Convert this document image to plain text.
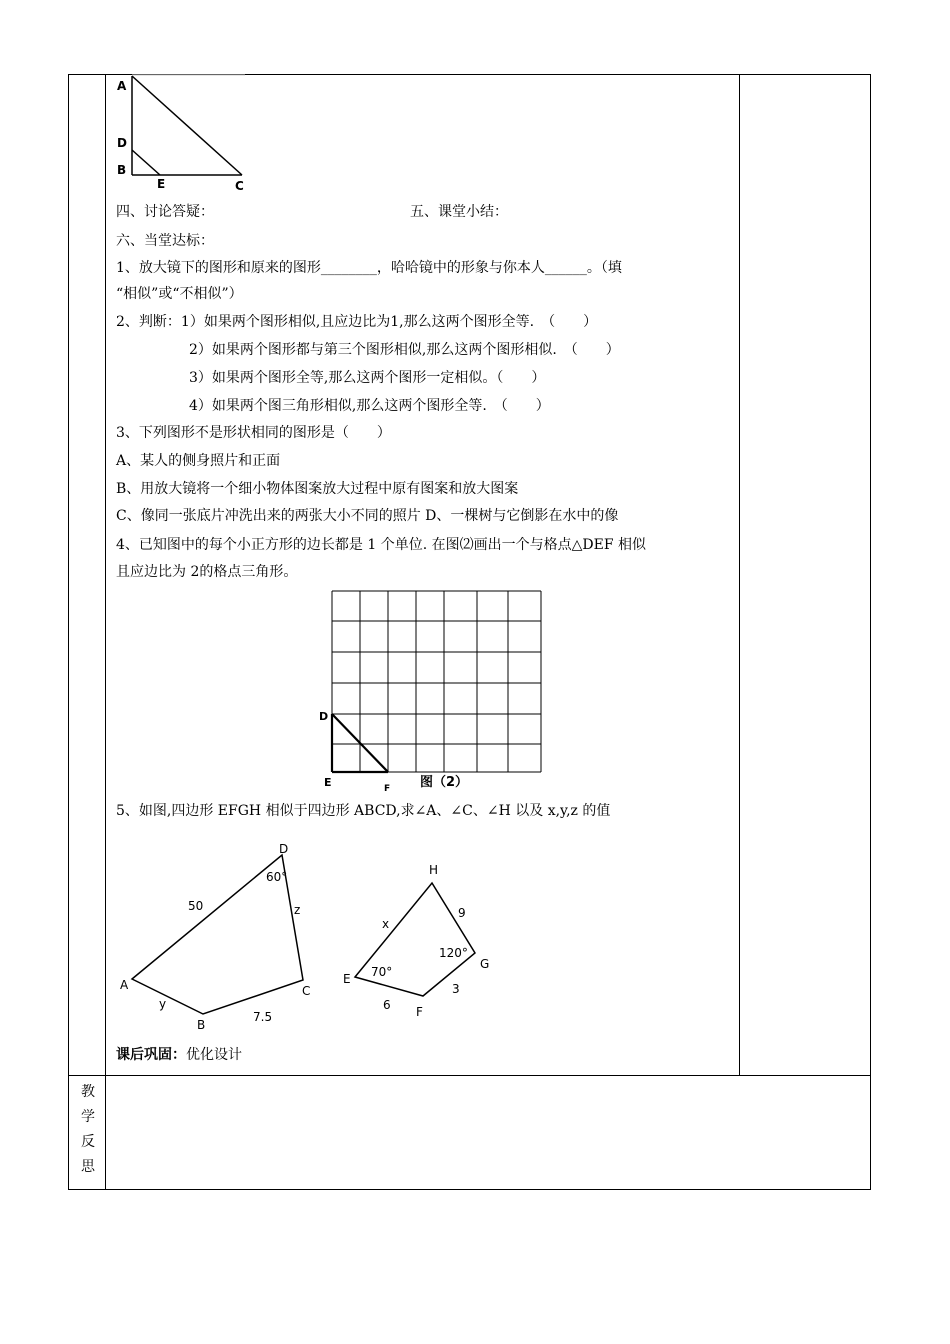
A
D
B
E	C
四、讨论答疑：	五、课堂小结：
六、当堂达标：
1、放大镜下的图形和原来的图形________，哈哈镜中的形象与你本人______。（填
“相似”或“不相似”）
2、判断：1）如果两个图形相似,且应边比为1,那么这两个图形全等.　（　　）
2）如果两个图形都与第三个图形相似,那么这两个图形相似.　（　　）
3）如果两个图形全等,那么这两个图形一定相似。（　　）
4）如果两个图三角形相似,那么这两个图形全等.　（　　）
3、下列图形不是形状相同的图形是（　　）
A、某人的侧身照片和正面
B、用放大镜将一个细小物体图案放大过程中原有图案和放大图案
C、像同一张底片冲洗出来的两张大小不同的照片 D、一棵树与它倒影在水中的像
4、已知图中的每个小正方形的边长都是 1 个单位. 在图⑵画出一个与格点△DEF 相似
且应边比为 2的格点三角形。
D
E	F 图（2）
5、如图,四边形 EFGH 相似于四边形 ABCD,求∠A、∠C、∠H 以及 x,y,z 的值
A
B
C
D
50
y
7.5
z
60°
E
F
G
H
x
9
3
6
70°
120°
课后巩固：优化设计
教
学
反
思
